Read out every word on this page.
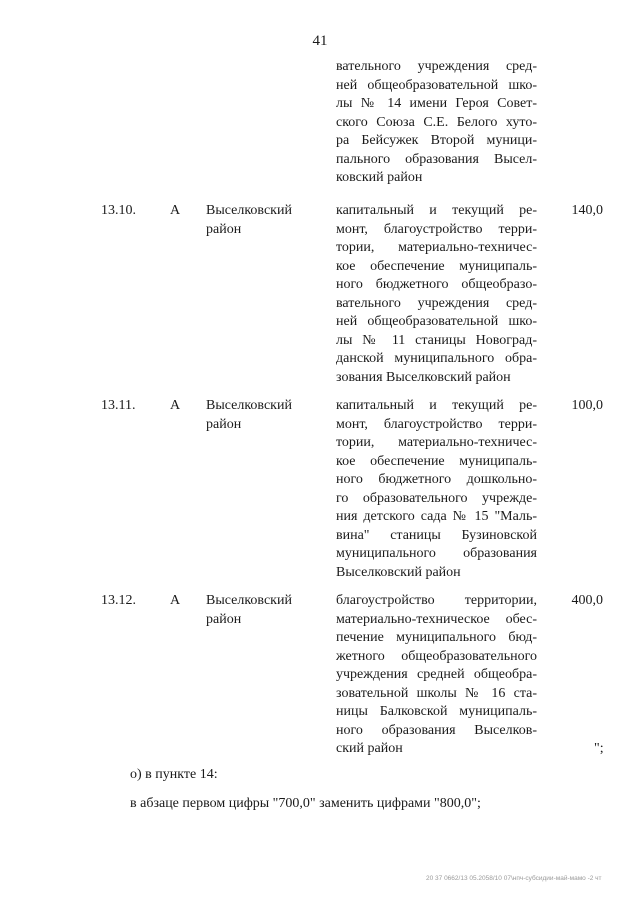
41
вательного учреждения сред-
ней общеобразовательной шко-
лы № 14 имени Героя Совет-
ского Союза С.Е. Белого хуто-
ра Бейсужек Второй муници-
пального образования Высел-
ковский район
13.10. А Выселковский
район
капитальный и текущий ре-
монт, благоустройство терри-
тории, материально-техничес-
кое обеспечение муниципаль-
ного бюджетного общеобразо-
вательного учреждения сред-
ней общеобразовательной шко-
лы № 11 станицы Новоград-
данской муниципального обра-
зования Выселковский район
140,0
13.11. А Выселковский
район
капитальный и текущий ре-
монт, благоустройство терри-
тории, материально-техничес-
кое обеспечение муниципаль-
ного бюджетного дошкольно-
го образовательного учрежде-
ния детского сада № 15 "Маль-
вина" станицы Бузиновской
муниципального образования
Выселковский район
100,0
13.12. А Выселковский
район
благоустройство территории,
материально-техническое обес-
печение муниципального бюд-
жетного общеобразовательного
учреждения средней общеобра-
зовательной школы № 16 ста-
ницы Балковской муниципаль-
ного образования Выселков-
ский район
400,0
";
о) в пункте 14:
в абзаце первом цифры "700,0" заменить цифрами "800,0";
20 37 0662/13 05.2058/10 07\нпч-субсидии-май-мамо -2 чт
